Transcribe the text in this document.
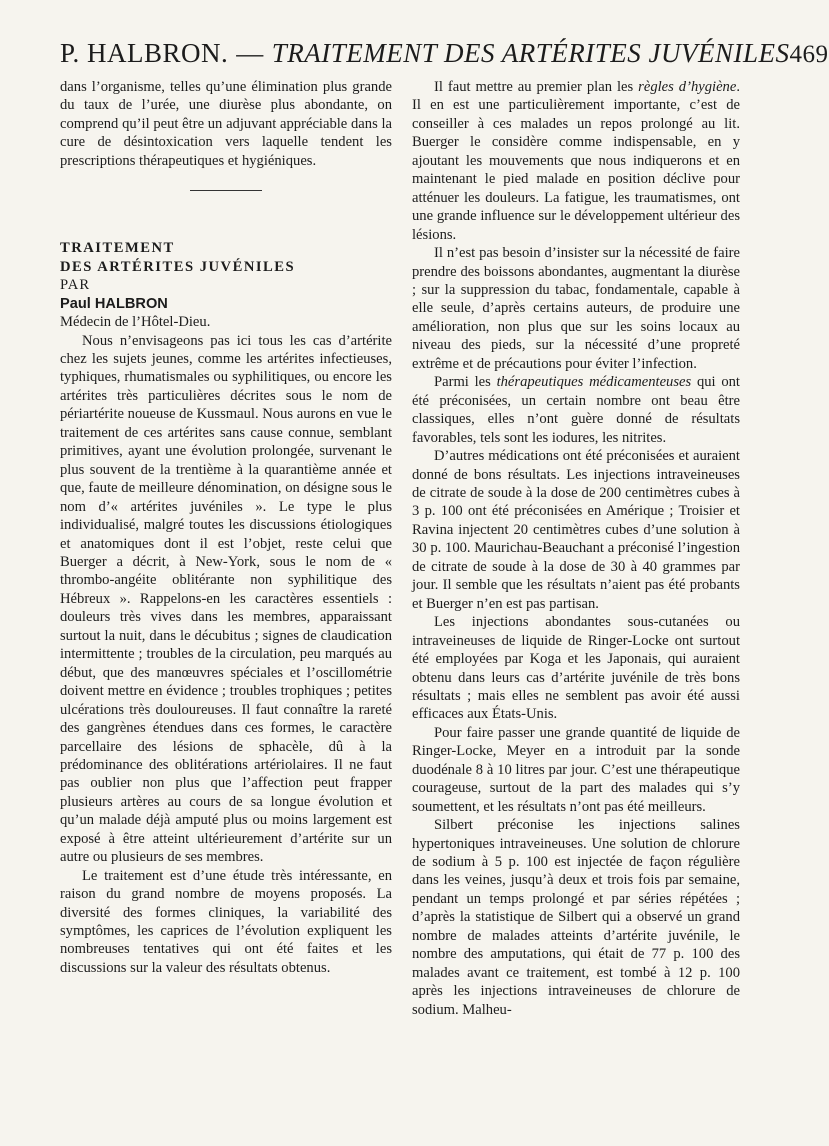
P. HALBRON. — TRAITEMENT DES ARTÉRITES JUVÉNILES 469

dans l’organisme, telles qu’une élimination plus grande du taux de l’urée, une diurèse plus abondante, on comprend qu’il peut être un adjuvant appréciable dans la cure de désintoxication vers laquelle tendent les prescriptions thérapeutiques et hygiéniques.

TRAITEMENT

DES ARTÉRITES JUVÉNILES

PAR

Paul HALBRON

Médecin de l’Hôtel-Dieu.

Nous n’envisageons pas ici tous les cas d’artérite chez les sujets jeunes, comme les artérites infectieuses, typhiques, rhumatismales ou syphilitiques, ou encore les artérites très particulières décrites sous le nom de périartérite noueuse de Kussmaul. Nous aurons en vue le traitement de ces artérites sans cause connue, semblant primitives, ayant une évolution prolongée, survenant le plus souvent de la trentième à la quarantième année et que, faute de meilleure dénomination, on désigne sous le nom d’« artérites juvéniles ». Le type le plus individualisé, malgré toutes les discussions étiologiques et anatomiques dont il est l’objet, reste celui que Buerger a décrit, à New-York, sous le nom de « thrombo-angéite oblitérante non syphilitique des Hébreux ». Rappelons-en les caractères essentiels : douleurs très vives dans les membres, apparaissant surtout la nuit, dans le décubitus ; signes de claudication intermittente ; troubles de la circulation, peu marqués au début, que des manœuvres spéciales et l’oscillométrie doivent mettre en évidence ; troubles trophiques ; petites ulcérations très douloureuses. Il faut connaître la rareté des gangrènes étendues dans ces formes, le caractère parcellaire des lésions de sphacèle, dû à la prédominance des oblitérations artériolaires. Il ne faut pas oublier non plus que l’affection peut frapper plusieurs artères au cours de sa longue évolution et qu’un malade déjà amputé plus ou moins largement est exposé à être atteint ultérieurement d’artérite sur un autre ou plusieurs de ses membres.

Le traitement est d’une étude très intéressante, en raison du grand nombre de moyens proposés. La diversité des formes cliniques, la variabilité des symptômes, les caprices de l’évolution expliquent les nombreuses tentatives qui ont été faites et les discussions sur la valeur des résultats obtenus.

Il faut mettre au premier plan les règles d’hygiène. Il en est une particulièrement importante, c’est de conseiller à ces malades un repos prolongé au lit. Buerger le considère comme indispensable, en y ajoutant les mouvements que nous indiquerons et en maintenant le pied malade en position déclive pour atténuer les douleurs. La fatigue, les traumatismes, ont une grande influence sur le développement ultérieur des lésions.

Il n’est pas besoin d’insister sur la nécessité de faire prendre des boissons abondantes, augmentant la diurèse ; sur la suppression du tabac, fondamentale, capable à elle seule, d’après certains auteurs, de produire une amélioration, non plus que sur les soins locaux au niveau des pieds, sur la nécessité d’une propreté extrême et de précautions pour éviter l’infection.

Parmi les thérapeutiques médicamenteuses qui ont été préconisées, un certain nombre ont beau être classiques, elles n’ont guère donné de résultats favorables, tels sont les iodures, les nitrites.

D’autres médications ont été préconisées et auraient donné de bons résultats. Les injections intraveineuses de citrate de soude à la dose de 200 centimètres cubes à 3 p. 100 ont été préconisées en Amérique ; Troisier et Ravina injectent 20 centimètres cubes d’une solution à 30 p. 100. Maurichau-Beauchant a préconisé l’ingestion de citrate de soude à la dose de 30 à 40 grammes par jour. Il semble que les résultats n’aient pas été probants et Buerger n’en est pas partisan.

Les injections abondantes sous-cutanées ou intraveineuses de liquide de Ringer-Locke ont surtout été employées par Koga et les Japonais, qui auraient obtenu dans leurs cas d’artérite juvénile de très bons résultats ; mais elles ne semblent pas avoir été aussi efficaces aux États-Unis.

Pour faire passer une grande quantité de liquide de Ringer-Locke, Meyer en a introduit par la sonde duodénale 8 à 10 litres par jour. C’est une thérapeutique courageuse, surtout de la part des malades qui s’y soumettent, et les résultats n’ont pas été meilleurs.

Silbert préconise les injections salines hypertoniques intraveineuses. Une solution de chlorure de sodium à 5 p. 100 est injectée de façon régulière dans les veines, jusqu’à deux et trois fois par semaine, pendant un temps prolongé et par séries répétées ; d’après la statistique de Silbert qui a observé un grand nombre de malades atteints d’artérite juvénile, le nombre des amputations, qui était de 77 p. 100 des malades avant ce traitement, est tombé à 12 p. 100 après les injections intraveineuses de chlorure de sodium. Malheu-
